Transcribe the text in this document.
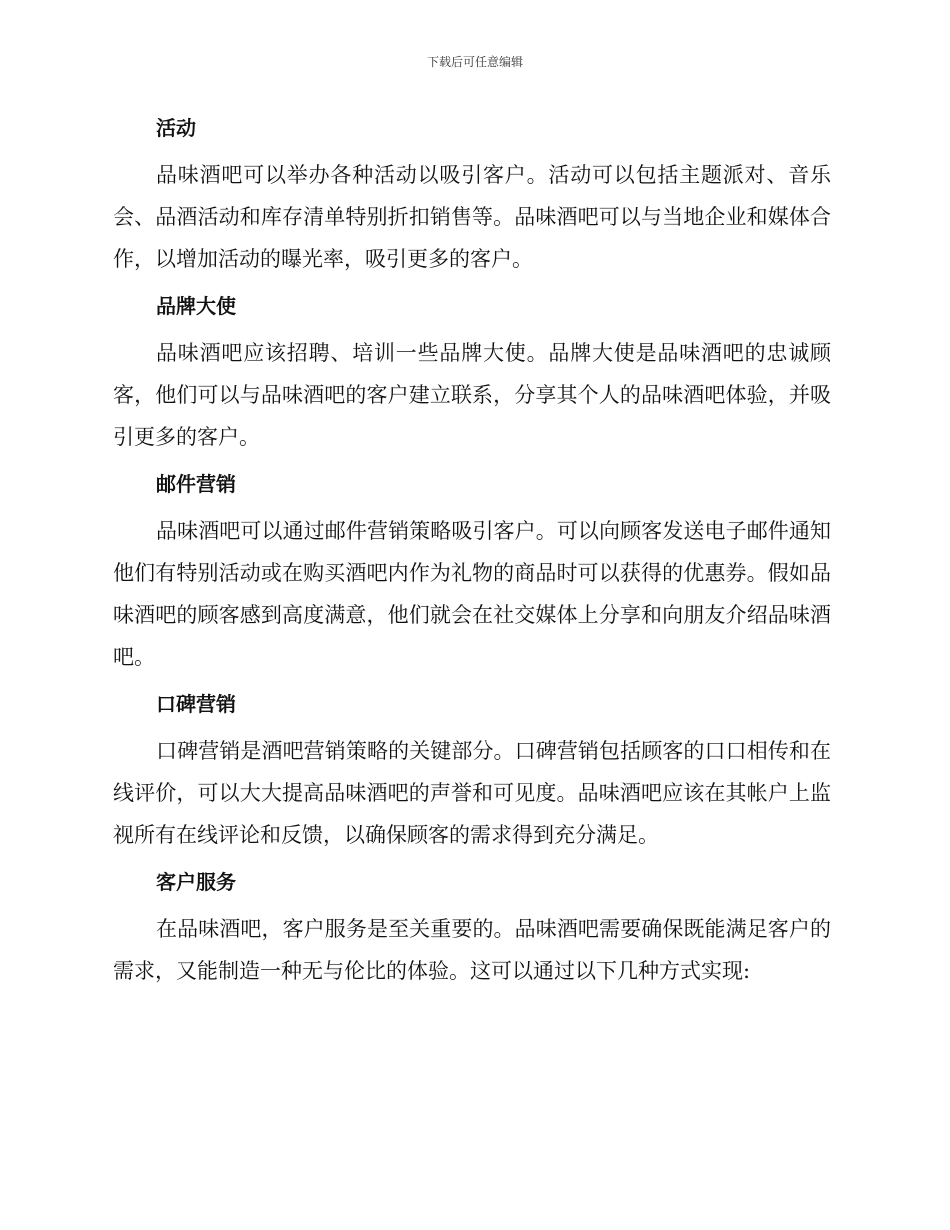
下载后可任意编辑
活动

品味酒吧可以举办各种活动以吸引客户。活动可以包括主题派对、音乐会、品酒活动和库存清单特别折扣销售等。品味酒吧可以与当地企业和媒体合作，以增加活动的曝光率，吸引更多的客户。

品牌大使

品味酒吧应该招聘、培训一些品牌大使。品牌大使是品味酒吧的忠诚顾客，他们可以与品味酒吧的客户建立联系，分享其个人的品味酒吧体验，并吸引更多的客户。

邮件营销

品味酒吧可以通过邮件营销策略吸引客户。可以向顾客发送电子邮件通知他们有特别活动或在购买酒吧内作为礼物的商品时可以获得的优惠券。假如品味酒吧的顾客感到高度满意，他们就会在社交媒体上分享和向朋友介绍品味酒吧。

口碑营销

口碑营销是酒吧营销策略的关键部分。口碑营销包括顾客的口口相传和在线评价，可以大大提高品味酒吧的声誉和可见度。品味酒吧应该在其帐户上监视所有在线评论和反馈，以确保顾客的需求得到充分满足。

客户服务

在品味酒吧，客户服务是至关重要的。品味酒吧需要确保既能满足客户的需求，又能制造一种无与伦比的体验。这可以通过以下几种方式实现:
